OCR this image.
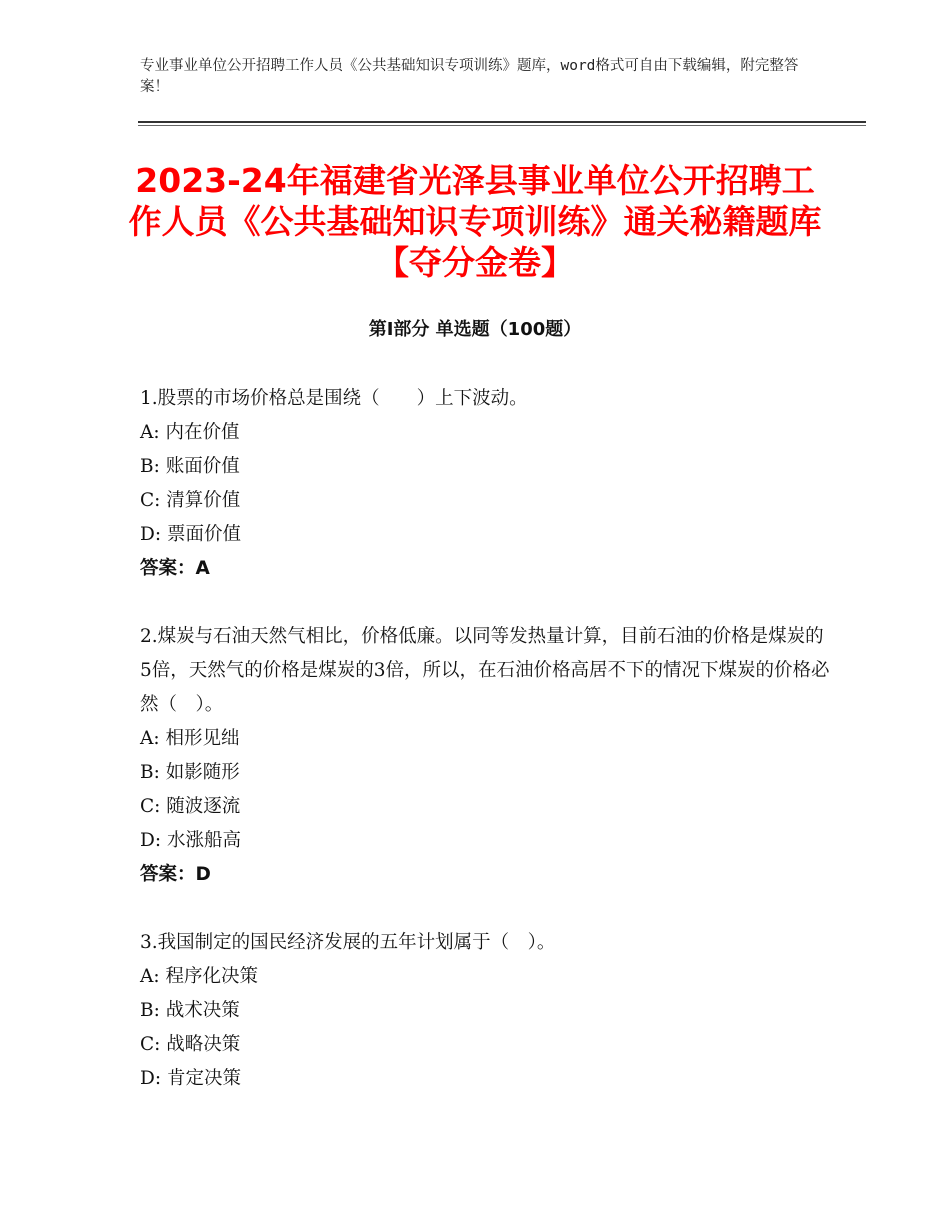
专业事业单位公开招聘工作人员《公共基础知识专项训练》题库，word格式可自由下载编辑，附完整答案！
2023-24年福建省光泽县事业单位公开招聘工作人员《公共基础知识专项训练》通关秘籍题库【夺分金卷】
第Ⅰ部分 单选题（100题）
1.股票的市场价格总是围绕（　　）上下波动。
A: 内在价值
B: 账面价值
C: 清算价值
D: 票面价值
答案：A
2.煤炭与石油天然气相比，价格低廉。以同等发热量计算，目前石油的价格是煤炭的5倍，天然气的价格是煤炭的3倍，所以，在石油价格高居不下的情况下煤炭的价格必然（　）。
A: 相形见绌
B: 如影随形
C: 随波逐流
D: 水涨船高
答案：D
3.我国制定的国民经济发展的五年计划属于（　）。
A: 程序化决策
B: 战术决策
C: 战略决策
D: 肯定决策
